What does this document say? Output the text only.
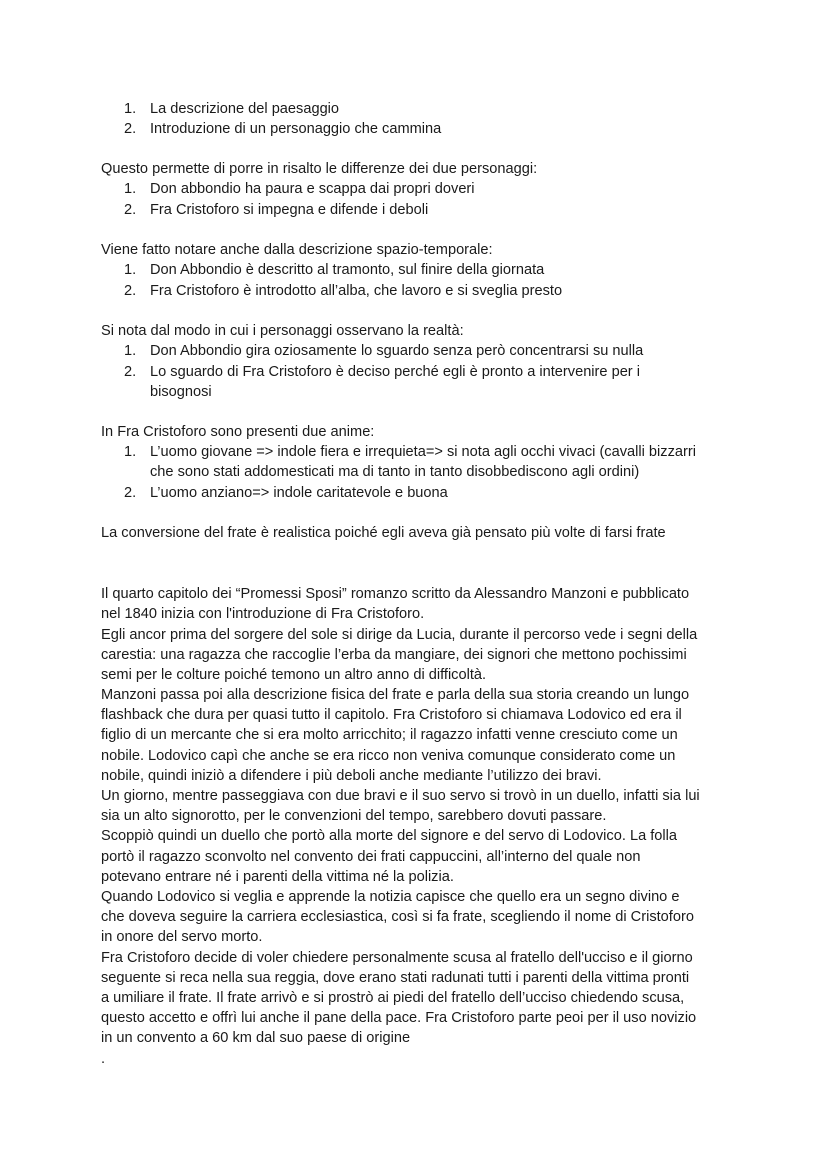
1. La descrizione del paesaggio
2. Introduzione di un personaggio che cammina
Questo permette di porre in risalto le differenze dei due personaggi:
1. Don abbondio ha paura e scappa dai propri doveri
2. Fra Cristoforo si impegna e difende i deboli
Viene fatto notare anche dalla descrizione spazio-temporale:
1. Don Abbondio è descritto al tramonto, sul finire della giornata
2. Fra Cristoforo è introdotto all’alba, che lavoro e si sveglia presto
Si nota dal modo in cui i personaggi osservano la realtà:
1. Don Abbondio gira oziosamente lo sguardo senza però concentrarsi su nulla
2. Lo sguardo di Fra Cristoforo è deciso perché egli è pronto a intervenire per i
bisognosi
In Fra Cristoforo sono presenti due anime:
1. L’uomo giovane => indole fiera e irrequieta=> si nota agli occhi vivaci (cavalli bizzarri
che sono stati addomesticati ma di tanto in tanto disobbediscono agli ordini)
2. L’uomo anziano=> indole caritatevole e buona
La conversione del frate è realistica poiché egli aveva già pensato più volte di farsi frate
Il quarto capitolo dei “Promessi Sposi” romanzo scritto da Alessandro Manzoni e pubblicato
nel 1840 inizia con l'introduzione di Fra Cristoforo.
Egli ancor prima del sorgere del sole si dirige da Lucia, durante il percorso vede i segni della
carestia: una ragazza che raccoglie l’erba da mangiare, dei signori che mettono pochissimi
semi per le colture poiché temono un altro anno di difficoltà.
Manzoni passa poi alla descrizione fisica del frate e parla della sua storia creando un lungo
flashback che dura per quasi tutto il capitolo. Fra Cristoforo si chiamava Lodovico ed era il
figlio di un mercante che si era molto arricchito; il ragazzo infatti venne cresciuto come un
nobile. Lodovico capì che anche se era ricco non veniva comunque considerato come un
nobile, quindi iniziò a difendere i più deboli anche mediante l’utilizzo dei bravi.
Un giorno, mentre passeggiava con due bravi e il suo servo si trovò in un duello, infatti sia lui
sia un alto signorotto, per le convenzioni del tempo, sarebbero dovuti passare.
Scoppiò quindi un duello che portò alla morte del signore e del servo di Lodovico. La folla
portò il ragazzo sconvolto nel convento dei frati cappuccini, all’interno del quale non
potevano entrare né i parenti della vittima né la polizia.
Quando Lodovico si veglia e apprende la notizia capisce che quello era un segno divino e
che doveva seguire la carriera ecclesiastica, così si fa frate, scegliendo il nome di Cristoforo
in onore del servo morto.
Fra Cristoforo decide di voler chiedere personalmente scusa al fratello dell'ucciso e il giorno
seguente si reca nella sua reggia, dove erano stati radunati tutti i parenti della vittima pronti
a umiliare il frate. Il frate arrivò e si prostrò ai piedi del fratello dell’ucciso chiedendo scusa,
questo accetto e offrì lui anche il pane della pace. Fra Cristoforo parte peoi per il uso novizio
in un convento a 60 km dal suo paese di origine
.
